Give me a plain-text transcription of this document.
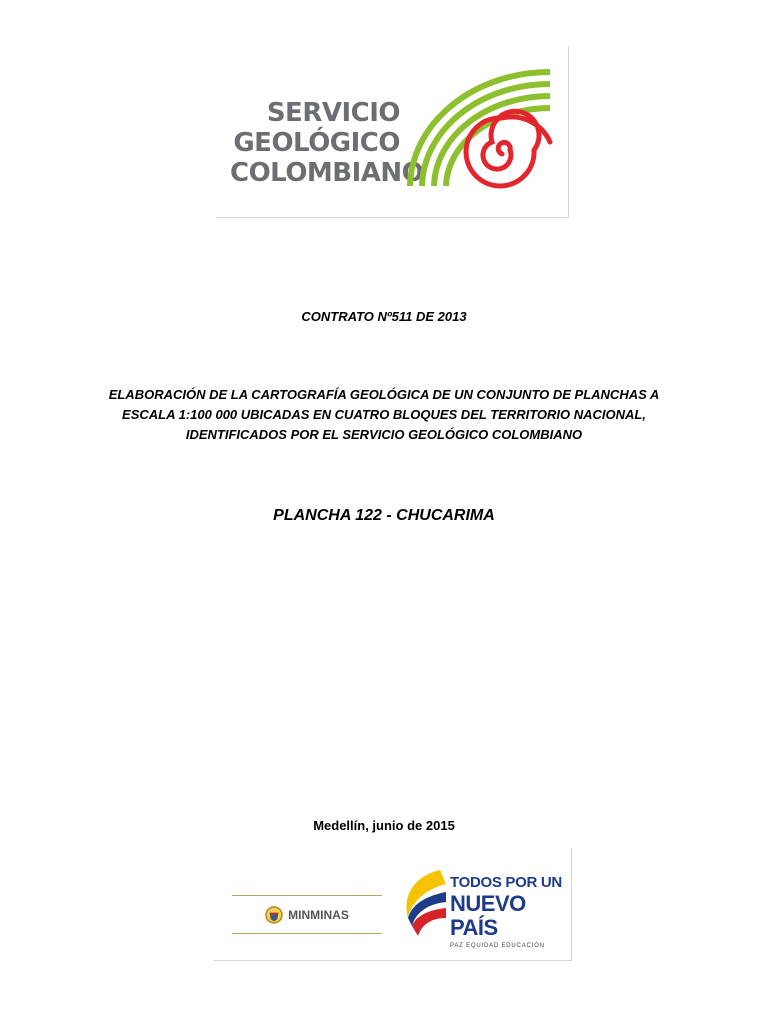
SERVICIO
GEOLÓGICO
COLOMBIANO
CONTRATO Nº511 DE 2013
ELABORACIÓN DE LA CARTOGRAFÍA GEOLÓGICA DE UN CONJUNTO DE PLANCHAS A
ESCALA 1:100 000 UBICADAS EN CUATRO BLOQUES DEL TERRITORIO NACIONAL,
IDENTIFICADOS POR EL SERVICIO GEOLÓGICO COLOMBIANO
PLANCHA 122 - CHUCARIMA
Medellín, junio de 2015
MINMINAS
TODOS POR UN
NUEVO PAÍS
PAZ EQUIDAD EDUCACIÓN
